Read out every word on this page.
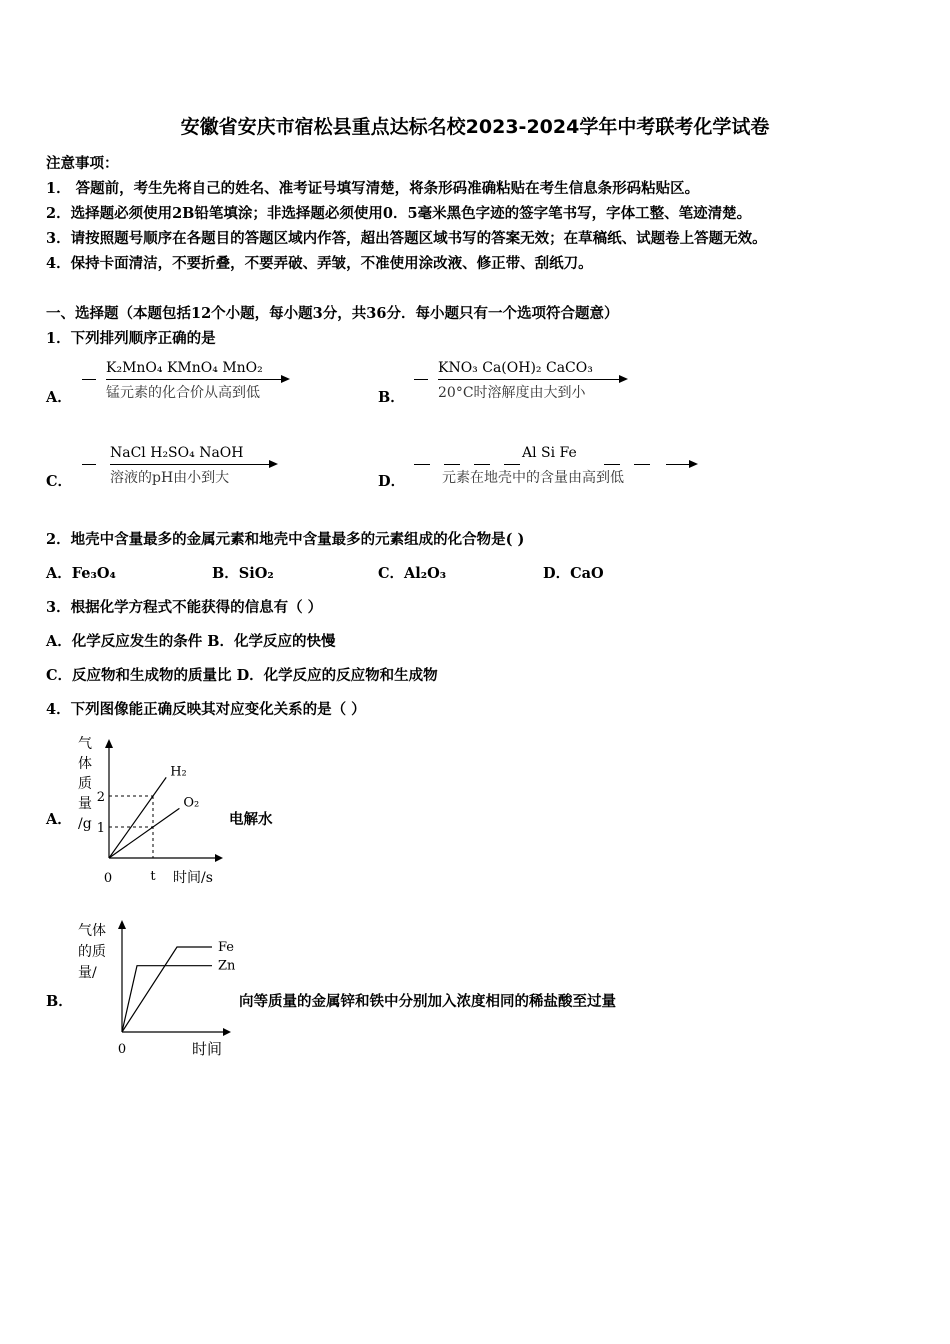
安徽省安庆市宿松县重点达标名校2023-2024学年中考联考化学试卷
注意事项：
1． 答题前，考生先将自己的姓名、准考证号填写清楚，将条形码准确粘贴在考生信息条形码粘贴区。
2．选择题必须使用2B铅笔填涂；非选择题必须使用0．5毫米黑色字迹的签字笔书写，字体工整、笔迹清楚。
3．请按照题号顺序在各题目的答题区域内作答，超出答题区域书写的答案无效；在草稿纸、试题卷上答题无效。
4．保持卡面清洁，不要折叠，不要弄破、弄皱，不准使用涂改液、修正带、刮纸刀。
一、选择题（本题包括12个小题，每小题3分，共36分．每小题只有一个选项符合题意）
1．下列排列顺序正确的是
A．
K₂MnO₄ KMnO₄ MnO₂
锰元素的化合价从高到低	B．
KNO₃ Ca(OH)₂ CaCO₃
20°C时溶解度由大到小
C．
NaCl H₂SO₄ NaOH
溶液的pH由小到大	D．
Al Si Fe
元素在地壳中的含量由高到低
2．地壳中含量最多的金属元素和地壳中含量最多的元素组成的化合物是( )
A．Fe₃O₄	B．SiO₂	C．Al₂O₃	D．CaO
3．根据化学方程式不能获得的信息有（ ）
A．化学反应发生的条件 B．化学反应的快慢
C．反应物和生成物的质量比 D．化学反应的反应物和生成物
4．下列图像能正确反映其对应变化关系的是（ ）
A．
1
2
t
H₂
O₂
0	时间/s
气体质量/g	电解水
B．
Fe
Zn
0	时间
气体的质量/
向等质量的金属锌和铁中分别加入浓度相同的稀盐酸至过量
